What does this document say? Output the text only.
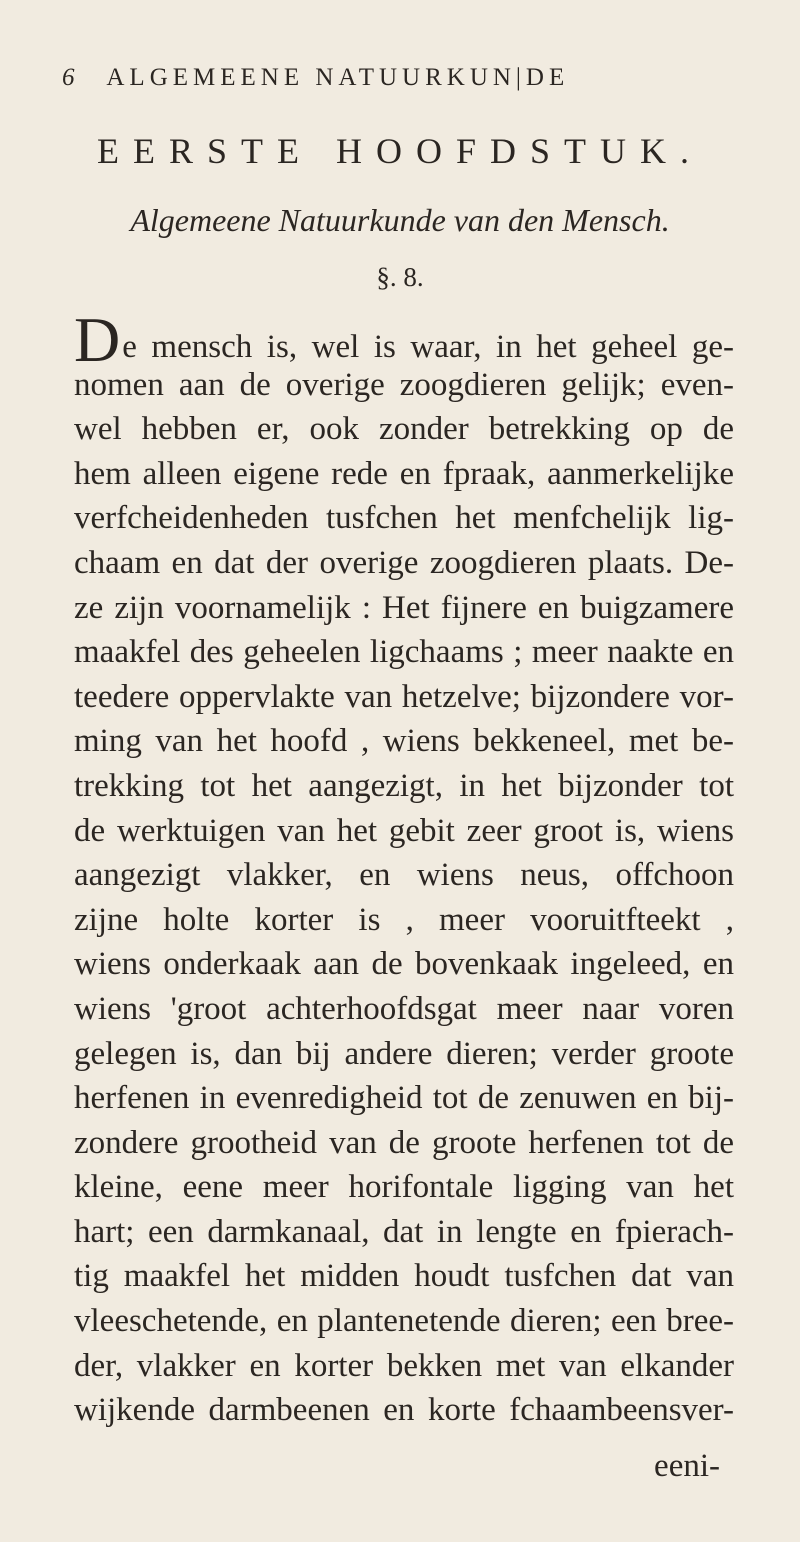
6 ALGEMEENE NATUURKUN|DE
EERSTE HOOFDSTUK.
Algemeene Natuurkunde van den Mensch.
§. 8.
De mensch is, wel is waar, in het geheel ge-
nomen aan de overige zoogdieren gelijk; even-
wel hebben er, ook zonder betrekking op de
hem alleen eigene rede en fpraak, aanmerkelijke
verfcheidenheden tusfchen het menfchelijk lig-
chaam en dat der overige zoogdieren plaats. De-
ze zijn voornamelijk : Het fijnere en buigzamere
maakfel des geheelen ligchaams ; meer naakte en
teedere oppervlakte van hetzelve; bijzondere vor-
ming van het hoofd , wiens bekkeneel, met be-
trekking tot het aangezigt, in het bijzonder tot
de werktuigen van het gebit zeer groot is, wiens
aangezigt vlakker, en wiens neus, offchoon
zijne holte korter is , meer vooruitfteekt ,
wiens onderkaak aan de bovenkaak ingeleed, en
wiens 'groot achterhoofdsgat meer naar voren
gelegen is, dan bij andere dieren; verder groote
herfenen in evenredigheid tot de zenuwen en bij-
zondere grootheid van de groote herfenen tot de
kleine, eene meer horifontale ligging van het
hart; een darmkanaal, dat in lengte en fpierach-
tig maakfel het midden houdt tusfchen dat van
vleeschetende, en plantenetende dieren; een bree-
der, vlakker en korter bekken met van elkander
wijkende darmbeenen en korte fchaambeensver-
eeni-
